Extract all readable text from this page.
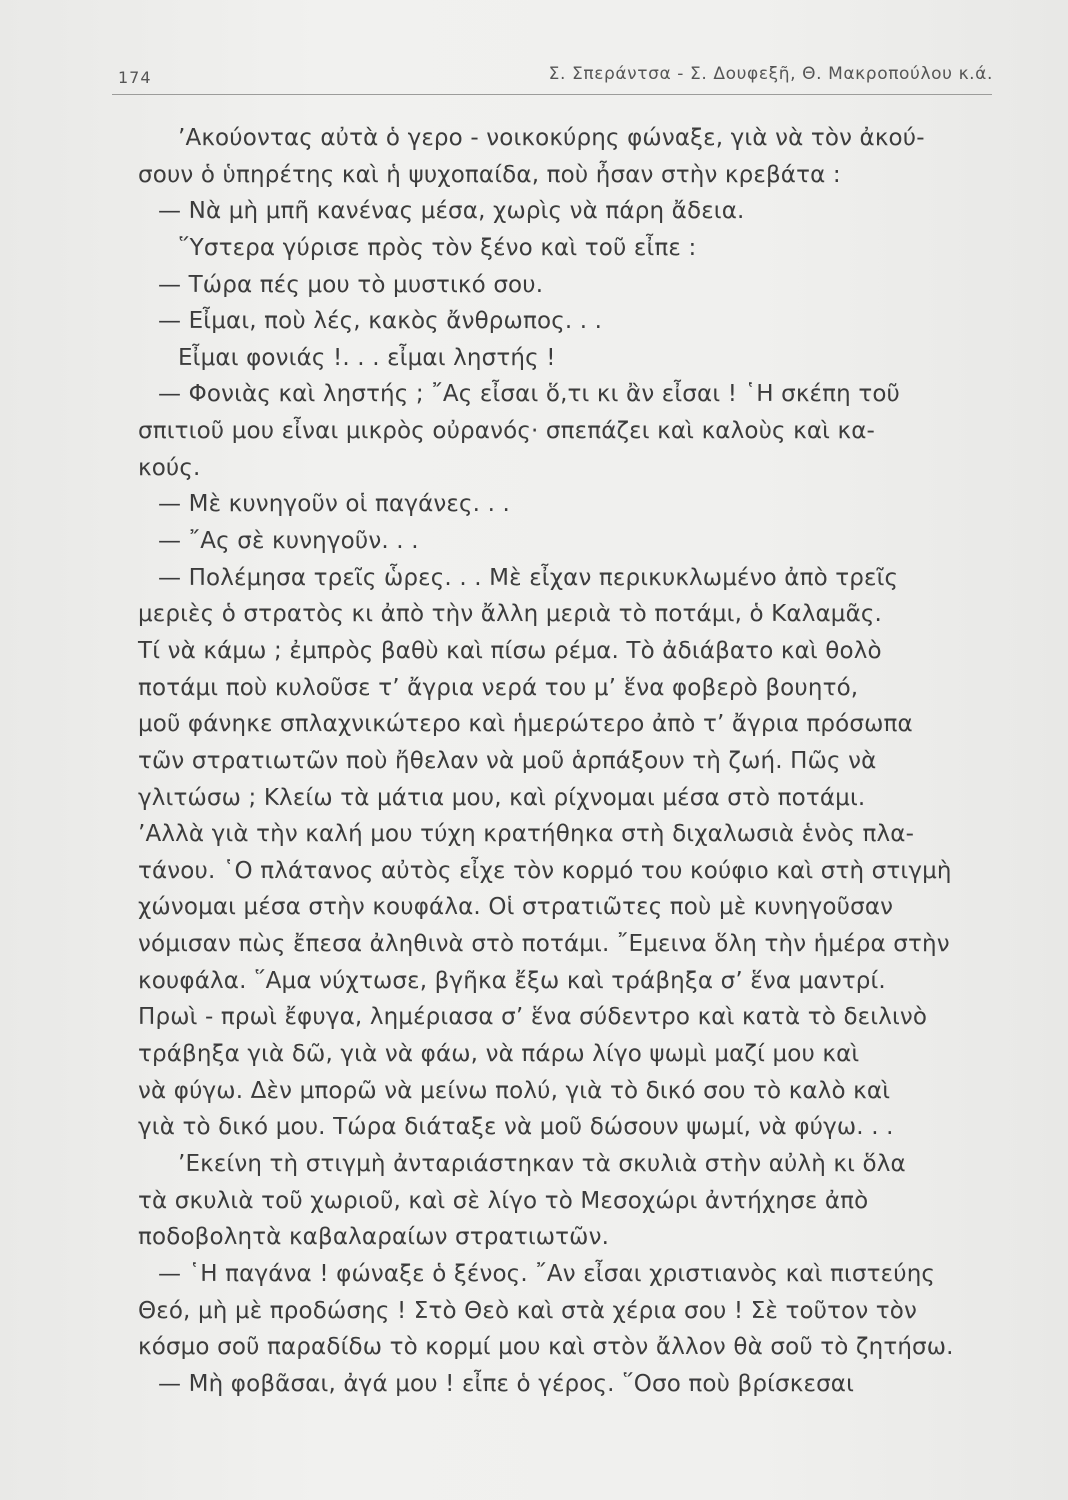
174	Σ. Σπεράντσα - Σ. Δουφεξῆ, Θ. Μακροπούλου κ.ά.
’Ακούοντας αὐτὰ ὁ γερο - νοικοκύρης φώναξε, γιὰ νὰ τὸν ἀκού-
σουν ὁ ὑπηρέτης καὶ ἡ ψυχοπαίδα, ποὺ ἦσαν στὴν κρεβάτα :
— Νὰ μὴ μπῆ κανένας μέσα, χωρὶς νὰ πάρη ἄδεια.
῞Υστερα γύρισε πρὸς τὸν ξένο καὶ τοῦ εἶπε :
— Τώρα πές μου τὸ μυστικό σου.
— Εἶμαι, ποὺ λές, κακὸς ἄνθρωπος. . .
Εἶμαι φονιάς !. . . εἶμαι ληστής !
— Φονιὰς καὶ ληστής ; ῎Ας εἶσαι ὅ,τι κι ἂν εἶσαι ! ῾Η σκέπη τοῦ
σπιτιοῦ μου εἶναι μικρὸς οὐρανός· σπεπάζει καὶ καλοὺς καὶ κα-
κούς.
— Μὲ κυνηγοῦν οἱ παγάνες. . .
— ῎Ας σὲ κυνηγοῦν. . .
— Πολέμησα τρεῖς ὧρες. . . Μὲ εἶχαν περικυκλωμένο ἀπὸ τρεῖς
μεριὲς ὁ στρατὸς κι ἀπὸ τὴν ἄλλη μεριὰ τὸ ποτάμι, ὁ Καλαμᾶς.
Τί νὰ κάμω ; ἐμπρὸς βαθὺ καὶ πίσω ρέμα. Τὸ ἀδιάβατο καὶ θολὸ
ποτάμι ποὺ κυλοῦσε τ’ ἄγρια νερά του μ’ ἕνα φοβερὸ βουητό,
μοῦ φάνηκε σπλαχνικώτερο καὶ ἡμερώτερο ἀπὸ τ’ ἄγρια πρόσωπα
τῶν στρατιωτῶν ποὺ ἤθελαν νὰ μοῦ ἁρπάξουν τὴ ζωή. Πῶς νὰ
γλιτώσω ; Κλείω τὰ μάτια μου, καὶ ρίχνομαι μέσα στὸ ποτάμι.
’Αλλὰ γιὰ τὴν καλή μου τύχη κρατήθηκα στὴ διχαλωσιὰ ἑνὸς πλα-
τάνου. ῾Ο πλάτανος αὐτὸς εἶχε τὸν κορμό του κούφιο καὶ στὴ στιγμὴ
χώνομαι μέσα στὴν κουφάλα. Οἱ στρατιῶτες ποὺ μὲ κυνηγοῦσαν
νόμισαν πὼς ἔπεσα ἀληθινὰ στὸ ποτάμι. ῎Εμεινα ὅλη τὴν ἡμέρα στὴν
κουφάλα. ῞Αμα νύχτωσε, βγῆκα ἔξω καὶ τράβηξα σ’ ἕνα μαντρί.
Πρωὶ - πρωὶ ἔφυγα, λημέριασα σ’ ἕνα σύδεντρο καὶ κατὰ τὸ δειλινὸ
τράβηξα γιὰ δῶ, γιὰ νὰ φάω, νὰ πάρω λίγο ψωμὶ μαζί μου καὶ
νὰ φύγω. Δὲν μπορῶ νὰ μείνω πολύ, γιὰ τὸ δικό σου τὸ καλὸ καὶ
γιὰ τὸ δικό μου. Τώρα διάταξε νὰ μοῦ δώσουν ψωμί, νὰ φύγω. . .
’Εκείνη τὴ στιγμὴ ἀνταριάστηκαν τὰ σκυλιὰ στὴν αὐλὴ κι ὅλα
τὰ σκυλιὰ τοῦ χωριοῦ, καὶ σὲ λίγο τὸ Μεσοχώρι ἀντήχησε ἀπὸ
ποδοβολητὰ καβαλαραίων στρατιωτῶν.
— ῾Η παγάνα ! φώναξε ὁ ξένος. ῎Αν εἶσαι χριστιανὸς καὶ πιστεύης
Θεό, μὴ μὲ προδώσης ! Στὸ Θεὸ καὶ στὰ χέρια σου ! Σὲ τοῦτον τὸν
κόσμο σοῦ παραδίδω τὸ κορμί μου καὶ στὸν ἄλλον θὰ σοῦ τὸ ζητήσω.
— Μὴ φοβᾶσαι, ἀγά μου ! εἶπε ὁ γέρος. ῞Οσο ποὺ βρίσκεσαι
